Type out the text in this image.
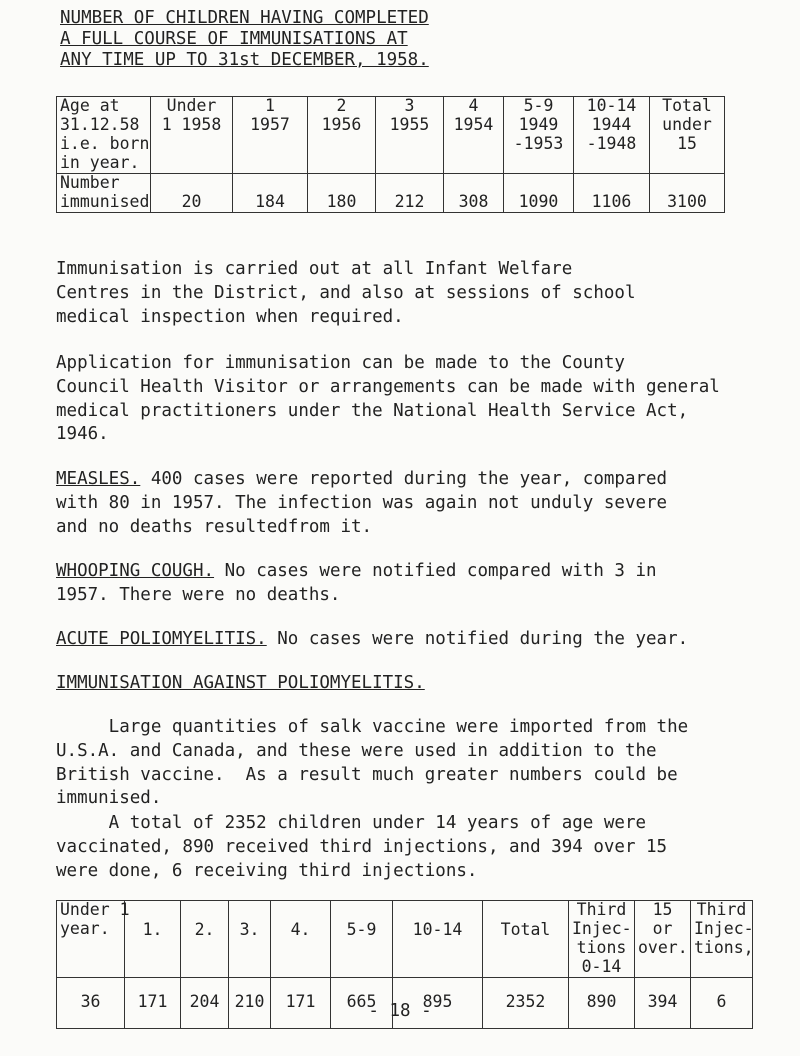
NUMBER OF CHILDREN HAVING COMPLETED
A FULL COURSE OF IMMUNISATIONS AT
ANY TIME UP TO 31st DECEMBER, 1958.
Age at
31.12.58
i.e. born
in year.	Under
1 1958	1
1957	2
1956	3
1955	4
1954	5-9
1949
-1953	10-14
1944
-1948	Total
under
15
Number
immunised	20	184	180	212	308	1090	1106	3100
Immunisation is carried out at all Infant Welfare
Centres in the District, and also at sessions of school
medical inspection when required.
Application for immunisation can be made to the County
Council Health Visitor or arrangements can be made with general
medical practitioners under the National Health Service Act,
1946.
MEASLES. 400 cases were reported during the year, compared
with 80 in 1957. The infection was again not unduly severe
and no deaths resultedfrom it.
WHOOPING COUGH. No cases were notified compared with 3 in
1957. There were no deaths.
ACUTE POLIOMYELITIS. No cases were notified during the year.
IMMUNISATION AGAINST POLIOMYELITIS.
Large quantities of salk vaccine were imported from the
U.S.A. and Canada, and these were used in addition to the
British vaccine.  As a result much greater numbers could be
immunised.
A total of 2352 children under 14 years of age were
vaccinated, 890 received third injections, and 394 over 15
were done, 6 receiving third injections.
Under 1
year.	1.	2.	3.	4.	5-9	10-14	Total	Third
Injec-
tions
0-14	15
or
over.	Third
Injec-
tions,
36	171	204	210	171	665	895	2352	890	394	6
- 18 -
